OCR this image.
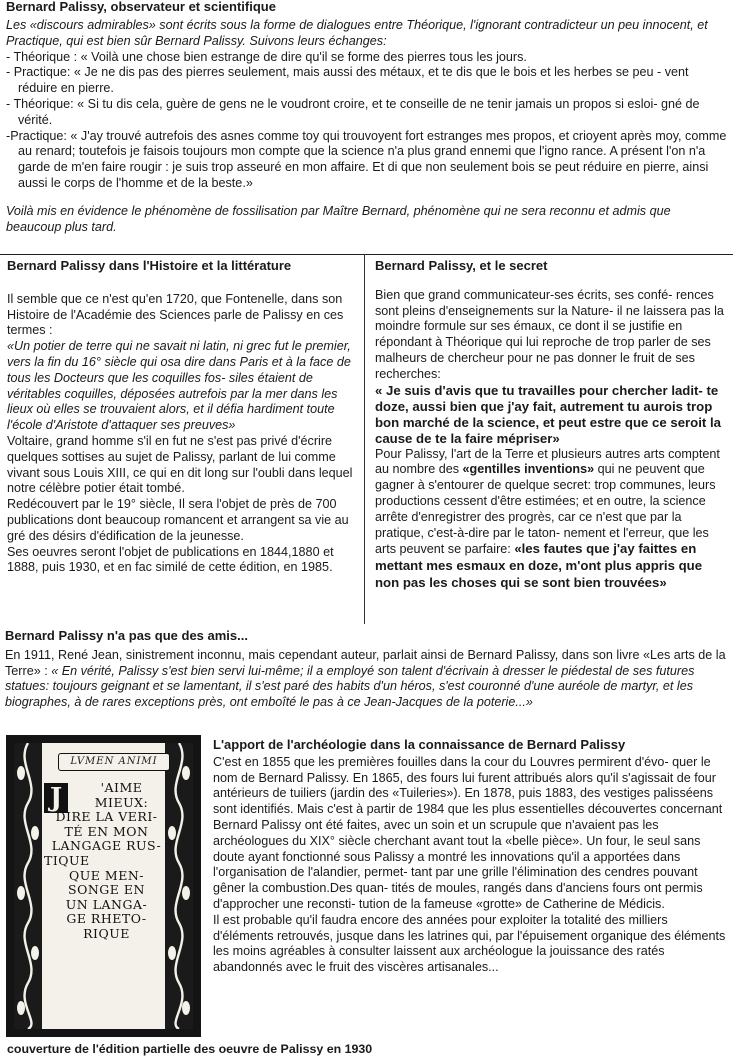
Bernard Palissy, observateur et scientifique

Les «discours admirables» sont écrits sous la forme de dialogues entre Théorique, l'ignorant contradicteur un peu innocent, et Practique, qui est bien sûr Bernard Palissy. Suivons leurs échanges:

- Théorique : « Voilà une chose bien estrange de dire qu'il se forme des pierres tous les jours.

- Practique: « Je ne dis pas des pierres seulement, mais aussi des métaux, et te dis que le bois et les herbes se peu - vent réduire en pierre.

- Théorique: « Si tu dis cela, guère de gens ne le voudront croire, et te conseille de ne tenir jamais un propos si esloi- gné de vérité.

-Practique: « J'ay trouvé autrefois des asnes comme toy qui trouvoyent fort estranges mes propos, et crioyent après moy, comme au renard; toutefois je faisois toujours mon compte que la science n'a plus grand ennemi que l'igno rance. A présent l'on n'a garde de m'en faire rougir : je suis trop asseuré en mon affaire. Et di que non seulement bois se peut réduire en pierre, ainsi aussi le corps de l'homme et de la beste.»

Voilà mis en évidence le phénomène de fossilisation par Maître Bernard, phénomène qui ne sera reconnu et admis que beaucoup plus tard.

Bernard Palissy dans l'Histoire et la littérature

Il semble que ce n'est qu'en 1720, que Fontenelle, dans son Histoire de l'Académie des Sciences parle de Palissy en ces termes :

«Un potier de terre qui ne savait ni latin, ni grec fut le premier, vers la fin du 16° siècle qui osa dire dans Paris et à la face de tous les Docteurs que les coquilles fos- siles étaient de véritables coquilles, déposées autrefois par la mer dans les lieux où elles se trouvaient alors, et il défia hardiment toute l'école d'Aristote d'attaquer ses preuves»

Voltaire, grand homme s'il en fut ne s'est pas privé d'écrire quelques sottises au sujet de Palissy, parlant de lui comme vivant sous Louis XIII, ce qui en dit long sur l'oubli dans lequel notre célèbre potier était tombé.

Redécouvert par le 19° siècle, Il sera l'objet de près de 700 publications dont beaucoup romancent et arrangent sa vie au gré des désirs d'édification de la jeunesse.

Ses oeuvres seront l'objet de publications en 1844,1880 et 1888, puis 1930, et en fac similé de cette édition, en 1985.

Bernard Palissy, et le secret

Bien que grand communicateur-ses écrits, ses confé- rences sont pleins d'enseignements sur la Nature- il ne laissera pas la moindre formule sur ses émaux, ce dont il se justifie en répondant à Théorique qui lui reproche de trop parler de ses malheurs de chercheur pour ne pas donner le fruit de ses recherches:

« Je suis d'avis que tu travailles pour chercher ladit- te doze, aussi bien que j'ay fait, autrement tu aurois trop bon marché de la science, et peut estre que ce seroit la cause de te la faire mépriser»

Pour Palissy, l'art de la Terre et plusieurs autres arts comptent au nombre des «gentilles inventions» qui ne peuvent que gagner à s'entourer de quelque secret: trop communes, leurs productions cessent d'être estimées; et en outre, la science arrête d'enregistrer des progrès, car ce n'est que par la pratique, c'est-à-dire par le taton- nement et l'erreur, que les arts peuvent se parfaire: «les fautes que j'ay faittes en mettant mes esmaux en doze, m'ont plus appris que non pas les choses qui se sont bien trouvées»

Bernard Palissy n'a pas que des amis...

En 1911, René Jean, sinistrement inconnu, mais cependant auteur, parlait ainsi de Bernard Palissy, dans son livre «Les arts de la Terre» : « En vérité, Palissy s'est bien servi lui-même; il a employé son talent d'écrivain à dresser le piédestal de ses futures statues: toujours geignant et se lamentant, il s'est paré des habits d'un héros, s'est couronné d'une auréole de martyr, et les biographes, à de rares exceptions près, ont emboîté le pas à ce Jean-Jacques de la poterie...»

LVMEN ANIMI
J	'AIME
MIEUX:
DIRE LA VERI-
TÉ EN MON
LANGAGE RUS-
TIQUE
QUE MEN-
SONGE EN
UN LANGA-
GE RHETO-
RIQUE

L'apport de l'archéologie dans la connaissance de Bernard Palissy

C'est en 1855 que les premières fouilles dans la cour du Louvres permirent d'évo- quer le nom de Bernard Palissy. En 1865, des fours lui furent attribués alors qu'il s'agissait de four antérieurs de tuiliers (jardin des «Tuileries»). En 1878, puis 1883, des vestiges palisséens sont identifiés. Mais c'est à partir de 1984 que les plus essentielles découvertes concernant Bernard Palissy ont été faites, avec un soin et un scrupule que n'avaient pas les archéologues du XIX° siècle cherchant avant tout la «belle pièce». Un four, le seul sans doute ayant fonctionné sous Palissy a montré les innovations qu'il a apportées dans l'organisation de l'alandier, permet- tant par une grille l'élimination des cendres pouvant gêner la combustion.Des quan- tités de moules, rangés dans d'anciens fours ont permis d'approcher une reconsti- tution de la fameuse «grotte» de Catherine de Médicis.

Il est probable qu'il faudra encore des années pour exploiter la totalité des milliers d'éléments retrouvés, jusque dans les latrines qui, par l'épuisement organique des éléments les moins agréables à consulter laissent aux archéologue la jouissance des ratés abandonnés avec le fruit des viscères artisanales...

couverture de l'édition partielle des oeuvre de Palissy en 1930
